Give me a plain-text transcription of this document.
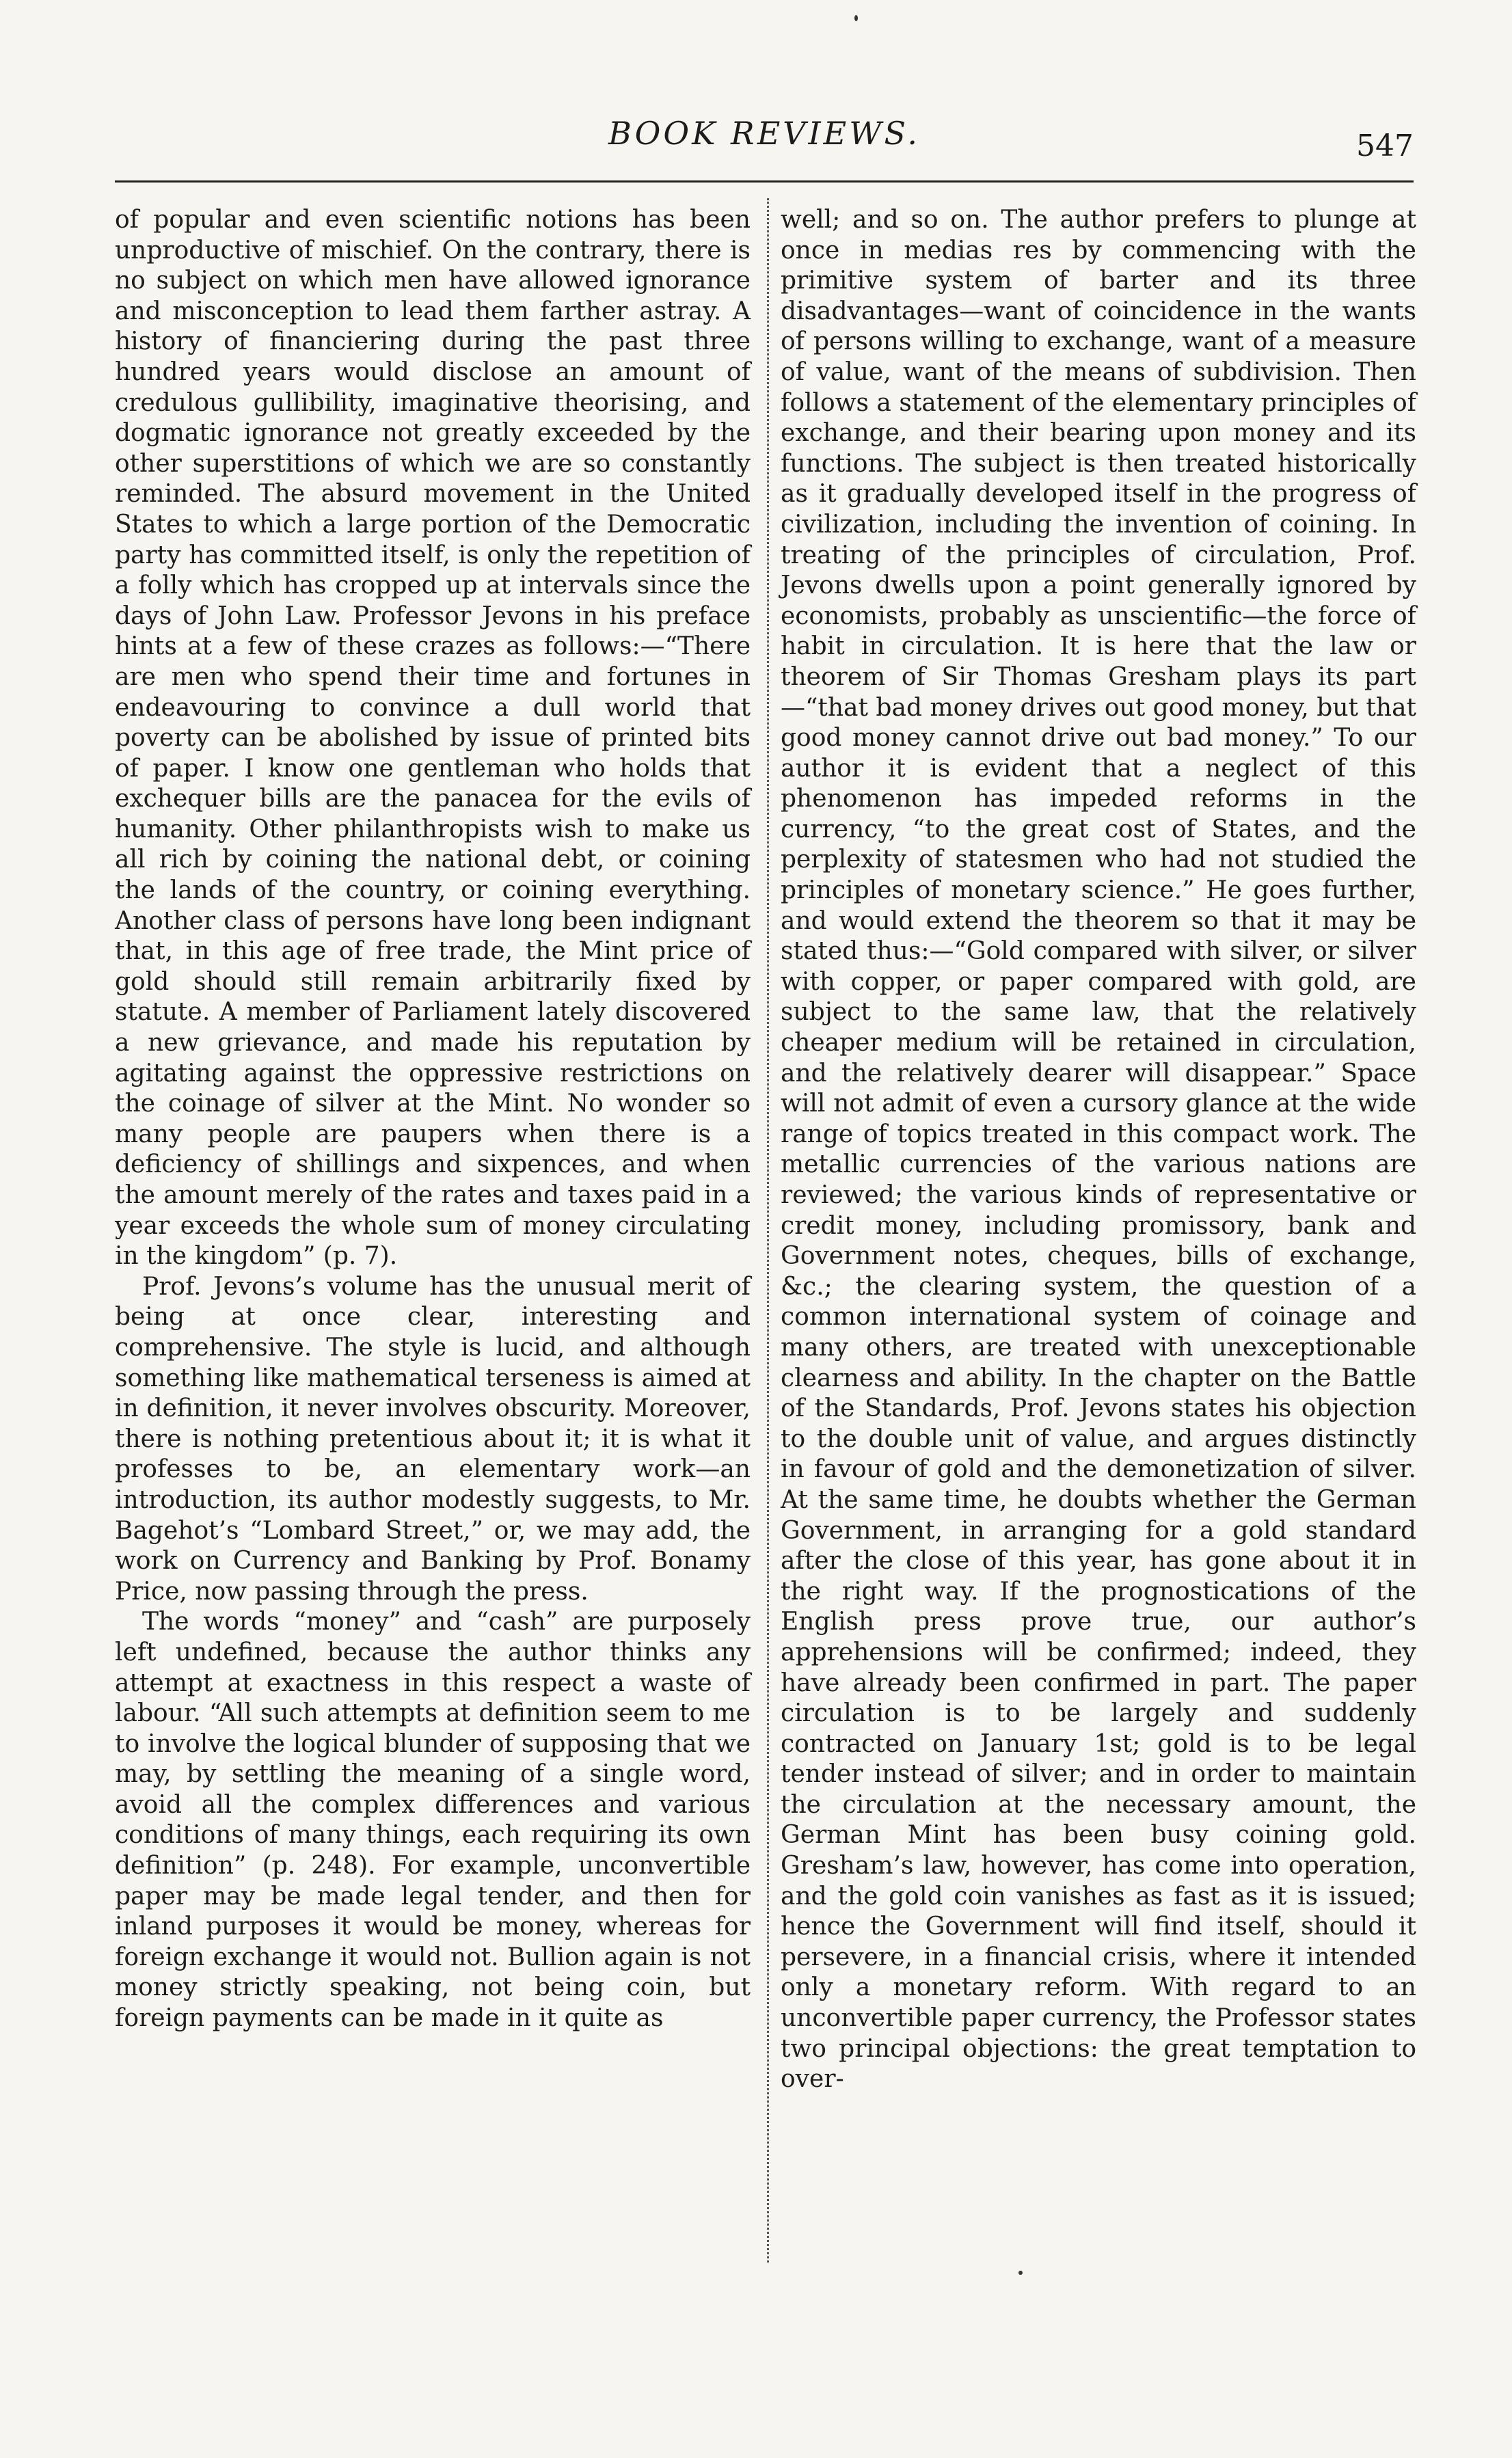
BOOK REVIEWS.	547

of popular and even scientific notions has been unproductive of mischief. On the contrary, there is no subject on which men have allowed ignorance and misconception to lead them farther astray. A history of financiering during the past three hundred years would disclose an amount of credulous gullibility, imaginative theorising, and dogmatic ignorance not greatly exceeded by the other superstitions of which we are so constantly reminded. The absurd movement in the United States to which a large portion of the Democratic party has committed itself, is only the repetition of a folly which has cropped up at intervals since the days of John Law. Professor Jevons in his preface hints at a few of these crazes as follows:—“There are men who spend their time and fortunes in endeavouring to convince a dull world that poverty can be abolished by issue of printed bits of paper. I know one gentleman who holds that exchequer bills are the panacea for the evils of humanity. Other philanthropists wish to make us all rich by coining the national debt, or coining the lands of the country, or coining everything. Another class of persons have long been indignant that, in this age of free trade, the Mint price of gold should still remain arbitrarily fixed by statute. A member of Parliament lately discovered a new grievance, and made his reputation by agitating against the oppressive restrictions on the coinage of silver at the Mint. No wonder so many people are paupers when there is a deficiency of shillings and sixpences, and when the amount merely of the rates and taxes paid in a year exceeds the whole sum of money circulating in the kingdom” (p. 7).

Prof. Jevons’s volume has the unusual merit of being at once clear, interesting and comprehensive. The style is lucid, and although something like mathematical terseness is aimed at in definition, it never involves obscurity. Moreover, there is nothing pretentious about it; it is what it professes to be, an elementary work—an introduction, its author modestly suggests, to Mr. Bagehot’s “Lombard Street,” or, we may add, the work on Currency and Banking by Prof. Bonamy Price, now passing through the press.

The words “money” and “cash” are purposely left undefined, because the author thinks any attempt at exactness in this respect a waste of labour. “All such attempts at definition seem to me to involve the logical blunder of supposing that we may, by settling the meaning of a single word, avoid all the complex differences and various conditions of many things, each requiring its own definition” (p. 248). For example, unconvertible paper may be made legal tender, and then for inland purposes it would be money, whereas for foreign exchange it would not. Bullion again is not money strictly speaking, not being coin, but foreign payments can be made in it quite as

well; and so on. The author prefers to plunge at once in medias res by commencing with the primitive system of barter and its three disadvantages—want of coincidence in the wants of persons willing to exchange, want of a measure of value, want of the means of subdivision. Then follows a statement of the elementary principles of exchange, and their bearing upon money and its functions. The subject is then treated historically as it gradually developed itself in the progress of civilization, including the invention of coining. In treating of the principles of circulation, Prof. Jevons dwells upon a point generally ignored by economists, probably as unscientific—the force of habit in circulation. It is here that the law or theorem of Sir Thomas Gresham plays its part—“that bad money drives out good money, but that good money cannot drive out bad money.” To our author it is evident that a neglect of this phenomenon has impeded reforms in the currency, “to the great cost of States, and the perplexity of statesmen who had not studied the principles of monetary science.” He goes further, and would extend the theorem so that it may be stated thus:—“Gold compared with silver, or silver with copper, or paper compared with gold, are subject to the same law, that the relatively cheaper medium will be retained in circulation, and the relatively dearer will disappear.” Space will not admit of even a cursory glance at the wide range of topics treated in this compact work. The metallic currencies of the various nations are reviewed; the various kinds of representative or credit money, including promissory, bank and Government notes, cheques, bills of exchange, &c.; the clearing system, the question of a common international system of coinage and many others, are treated with unexceptionable clearness and ability. In the chapter on the Battle of the Standards, Prof. Jevons states his objection to the double unit of value, and argues distinctly in favour of gold and the demonetization of silver. At the same time, he doubts whether the German Government, in arranging for a gold standard after the close of this year, has gone about it in the right way. If the prognostications of the English press prove true, our author’s apprehensions will be confirmed; indeed, they have already been confirmed in part. The paper circulation is to be largely and suddenly contracted on January 1st; gold is to be legal tender instead of silver; and in order to maintain the circulation at the necessary amount, the German Mint has been busy coining gold. Gresham’s law, however, has come into operation, and the gold coin vanishes as fast as it is issued; hence the Government will find itself, should it persevere, in a financial crisis, where it intended only a monetary reform. With regard to an unconvertible paper currency, the Professor states two principal objections: the great temptation to over-
